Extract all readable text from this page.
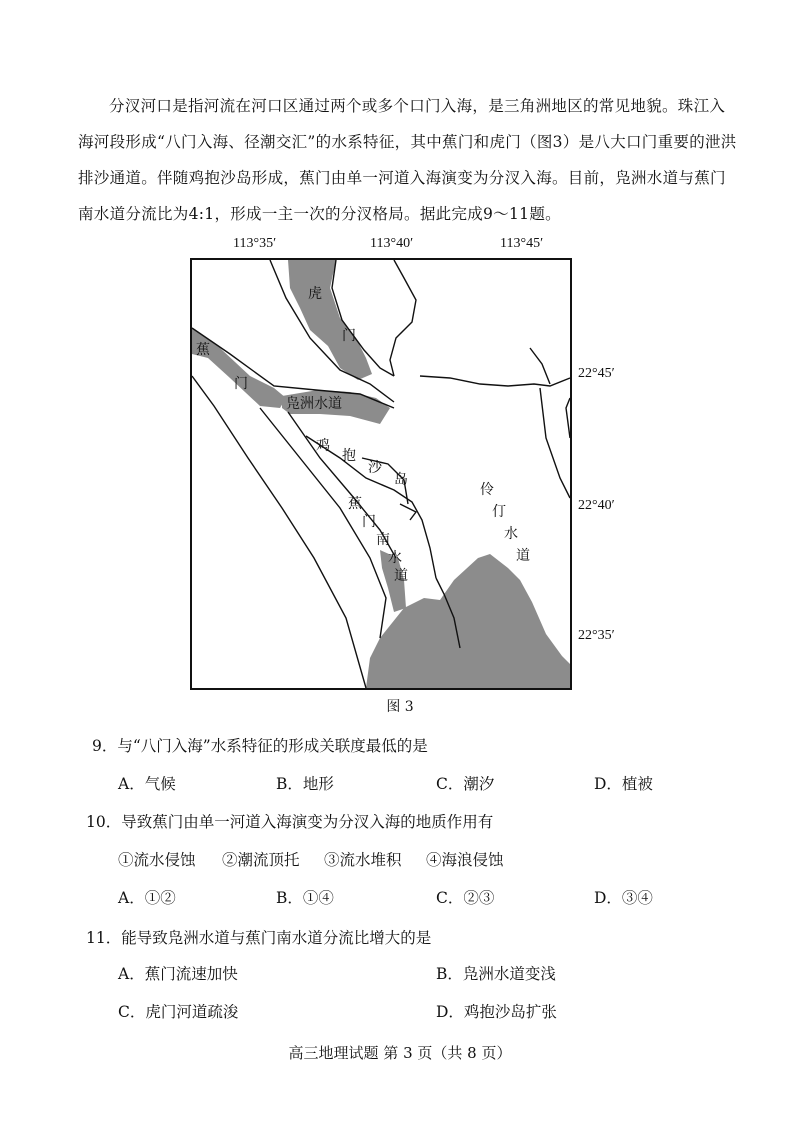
分汊河口是指河流在河口区通过两个或多个口门入海，是三角洲地区的常见地貌。珠江入海河段形成“八门入海、径潮交汇”的水系特征，其中蕉门和虎门（图3）是八大口门重要的泄洪排沙通道。伴随鸡抱沙岛形成，蕉门由单一河道入海演变为分汊入海。目前，凫洲水道与蕉门南水道分流比为4:1，形成一主一次的分汊格局。据此完成9～11题。

113°35′	113°40′	113°45′
22°45′
22°40′
22°35′
虎
门
蕉
门
凫洲水道
鸡
抱
沙
岛
蕉
门
南
水
道
伶
仃
水
道
图 3
9．与“八门入海”水系特征的形成关联度最低的是
A．气候	B．地形	C．潮汐	D．植被
10．导致蕉门由单一河道入海演变为分汊入海的地质作用有
①流水侵蚀 ②潮流顶托 ③流水堆积 ④海浪侵蚀
A．①②	B．①④	C．②③	D．③④
11．能导致凫洲水道与蕉门南水道分流比增大的是
A．蕉门流速加快	B．凫洲水道变浅
C．虎门河道疏浚	D．鸡抱沙岛扩张
高三地理试题 第 3 页（共 8 页）
